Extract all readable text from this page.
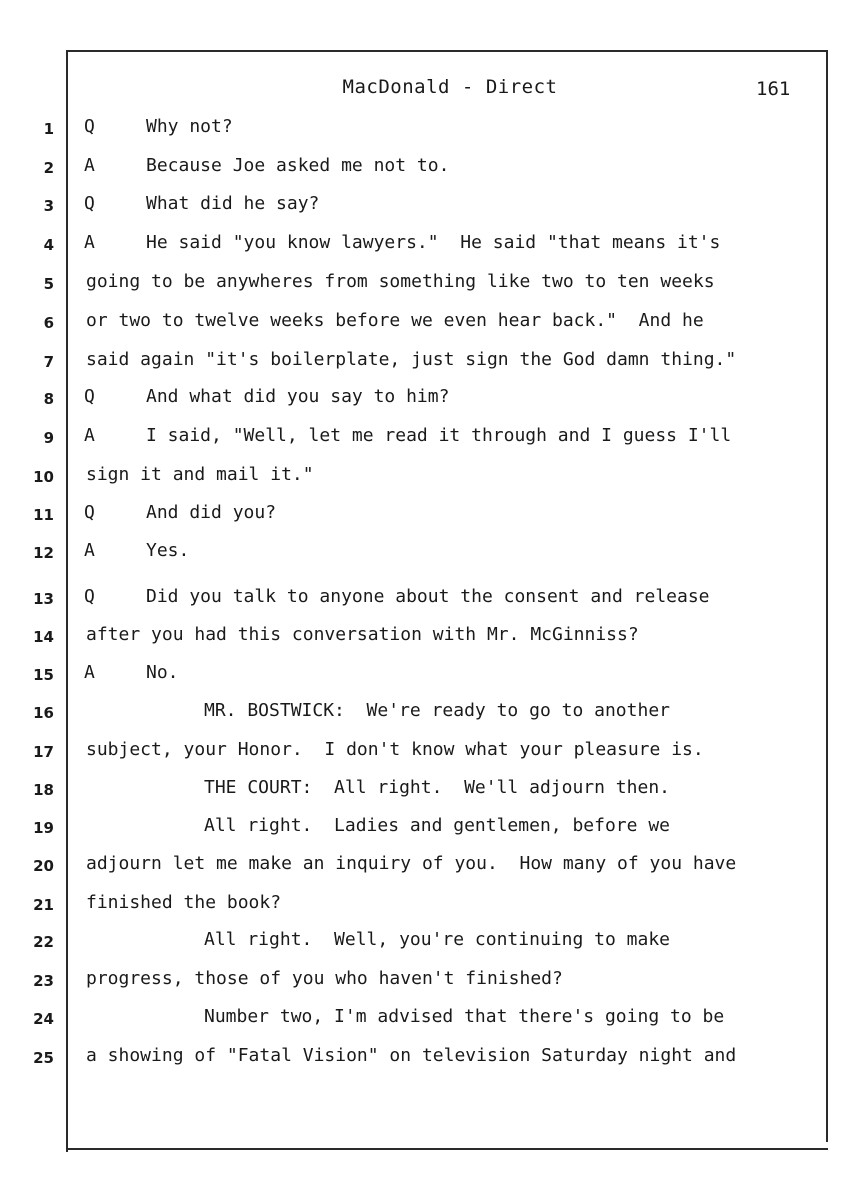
MacDonald - Direct	161
1 Q	Why not?
2 A	Because Joe asked me not to.
3 Q	What did he say?
4 A	He said "you know lawyers."  He said "that means it's
5 going to be anywheres from something like two to ten weeks
6 or two to twelve weeks before we even hear back."  And he
7 said again "it's boilerplate, just sign the God damn thing."
8 Q	And what did you say to him?
9 A	I said, "Well, let me read it through and I guess I'll
10 sign it and mail it."
11 Q	And did you?
12 A	Yes.
13 Q	Did you talk to anyone about the consent and release
14 after you had this conversation with Mr. McGinniss?
15 A	No.
16	MR. BOSTWICK:  We're ready to go to another
17 subject, your Honor.  I don't know what your pleasure is.
18	THE COURT:  All right.  We'll adjourn then.
19	All right.  Ladies and gentlemen, before we
20 adjourn let me make an inquiry of you.  How many of you have
21 finished the book?
22	All right.  Well, you're continuing to make
23 progress, those of you who haven't finished?
24	Number two, I'm advised that there's going to be
25 a showing of "Fatal Vision" on television Saturday night and
